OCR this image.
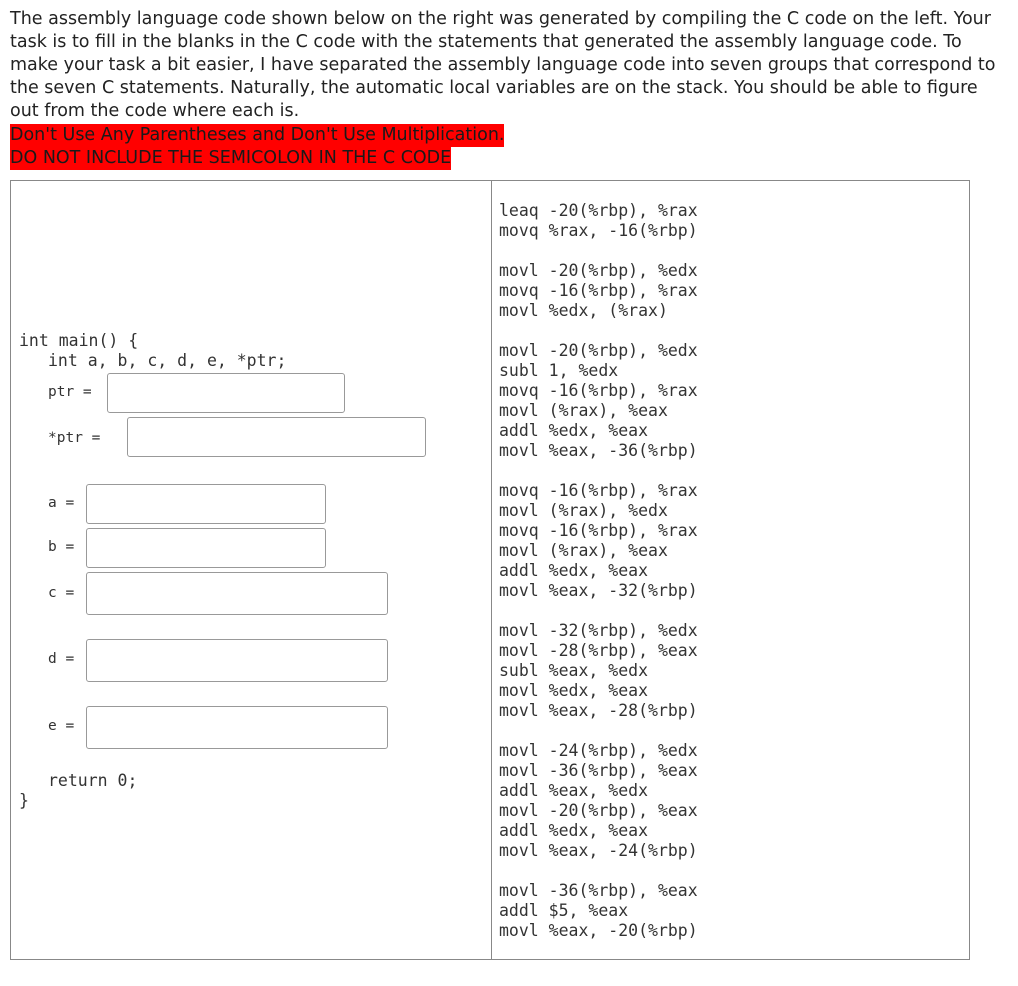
The assembly language code shown below on the right was generated by compiling the C code on the left. Your task is to fill in the blanks in the C code with the statements that generated the assembly language code. To make your task a bit easier, I have separated the assembly language code into seven groups that correspond to the seven C statements. Naturally, the automatic local variables are on the stack. You should be able to figure out from the code where each is.

Don't Use Any Parentheses and Don't Use Multiplication.
DO NOT INCLUDE THE SEMICOLON IN THE C CODE
int main() {
int a, b, c, d, e, *ptr;
ptr =
*ptr =
a =
b =
c =
d =
e =
return 0;
}
leaq -20(%rbp), %rax
movq %rax, -16(%rbp)
movl -20(%rbp), %edx
movq -16(%rbp), %rax
movl %edx, (%rax)
movl -20(%rbp), %edx
subl 1, %edx
movq -16(%rbp), %rax
movl (%rax), %eax
addl %edx, %eax
movl %eax, -36(%rbp)
movq -16(%rbp), %rax
movl (%rax), %edx
movq -16(%rbp), %rax
movl (%rax), %eax
addl %edx, %eax
movl %eax, -32(%rbp)
movl -32(%rbp), %edx
movl -28(%rbp), %eax
subl %eax, %edx
movl %edx, %eax
movl %eax, -28(%rbp)
movl -24(%rbp), %edx
movl -36(%rbp), %eax
addl %eax, %edx
movl -20(%rbp), %eax
addl %edx, %eax
movl %eax, -24(%rbp)
movl -36(%rbp), %eax
addl $5, %eax
movl %eax, -20(%rbp)
